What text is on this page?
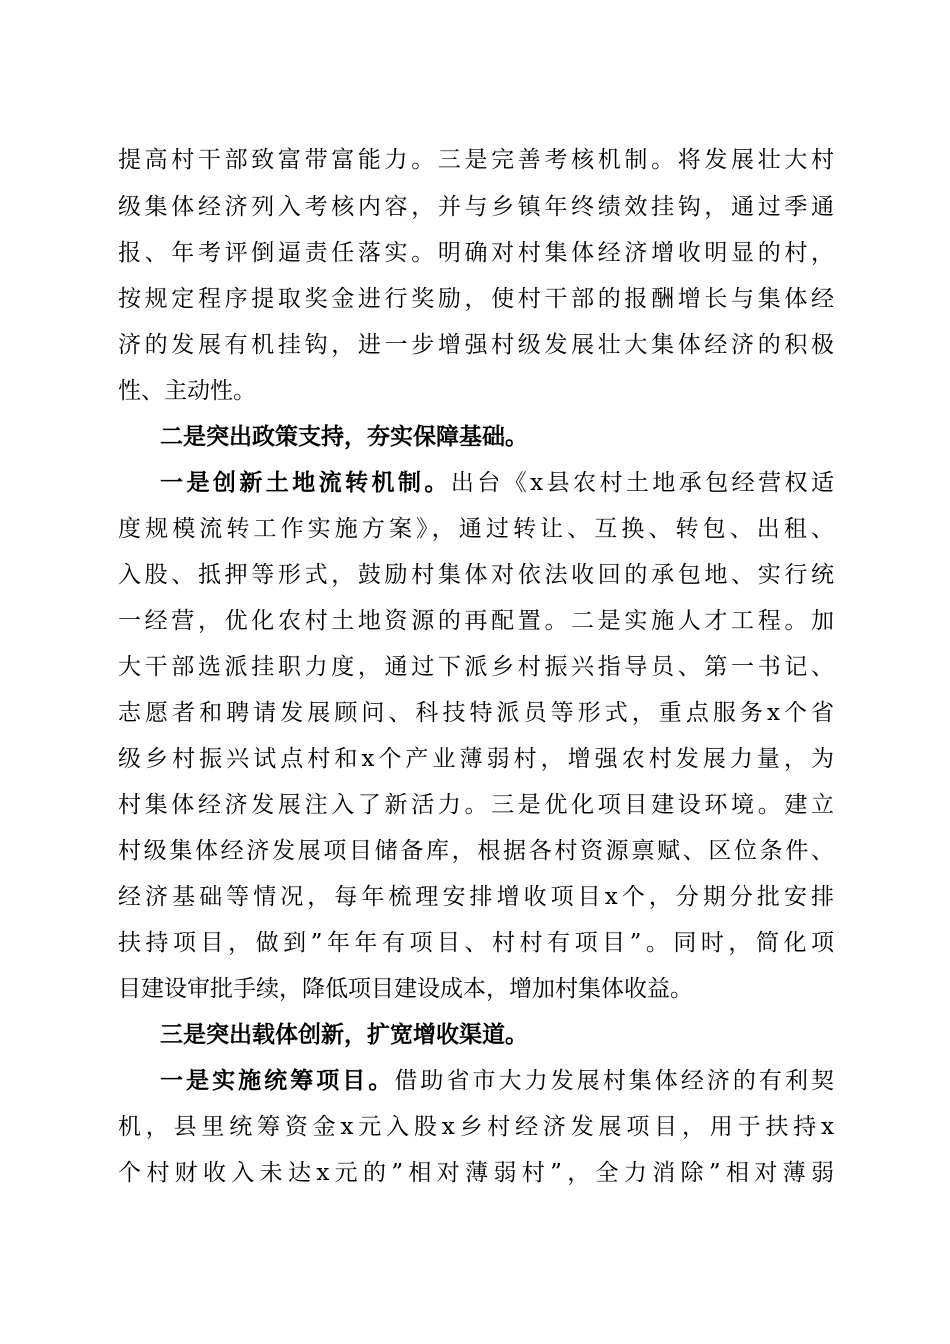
提高村干部致富带富能力。三是完善考核机制。将发展壮大村
级集体经济列入考核内容，并与乡镇年终绩效挂钩，通过季通
报、年考评倒逼责任落实。明确对村集体经济增收明显的村，
按规定程序提取奖金进行奖励，使村干部的报酬增长与集体经
济的发展有机挂钩，进一步增强村级发展壮大集体经济的积极
性、主动性。
二是突出政策支持，夯实保障基础。
一是创新土地流转机制。出台《x县农村土地承包经营权适
度规模流转工作实施方案》，通过转让、互换、转包、出租、
入股、抵押等形式，鼓励村集体对依法收回的承包地、实行统
一经营，优化农村土地资源的再配置。二是实施人才工程。加
大干部选派挂职力度，通过下派乡村振兴指导员、第一书记、
志愿者和聘请发展顾问、科技特派员等形式，重点服务x个省
级乡村振兴试点村和x个产业薄弱村，增强农村发展力量，为
村集体经济发展注入了新活力。三是优化项目建设环境。建立
村级集体经济发展项目储备库，根据各村资源禀赋、区位条件、
经济基础等情况，每年梳理安排增收项目x个，分期分批安排
扶持项目，做到”年年有项目、村村有项目”。同时，简化项
目建设审批手续，降低项目建设成本，增加村集体收益。
三是突出载体创新，扩宽增收渠道。
一是实施统筹项目。借助省市大力发展村集体经济的有利契
机，县里统筹资金x元入股x乡村经济发展项目，用于扶持x
个村财收入未达x元的”相对薄弱村”，全力消除”相对薄弱
